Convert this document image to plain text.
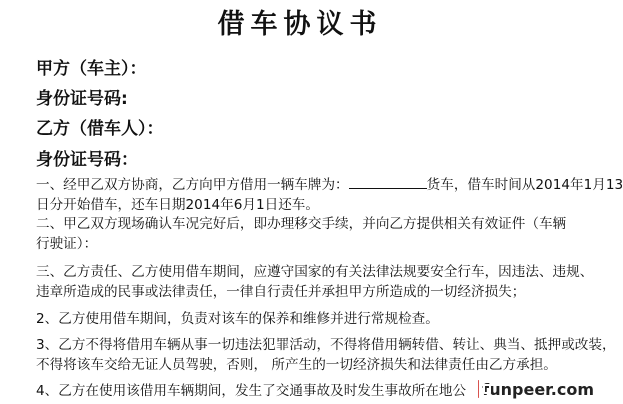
借车协议书
甲方（车主）：
身份证号码:
乙方（借车人）：
身份证号码：
一、经甲乙双方协商，乙方向甲方借用一辆车牌为：	货车，借车时间从2014年1月13
日分开始借车，还车日期2014年6月1日还车。
二、甲乙双方现场确认车况完好后，即办理移交手续，并向乙方提供相关有效证件（车辆
行驶证）：
三、乙方责任、乙方使用借车期间，应遵守国家的有关法律法规要安全行车，因违法、违规、
违章所造成的民事或法律责任，一律自行责任并承担甲方所造成的一切经济损失；
2、乙方使用借车期间，负责对该车的保养和维修并进行常规检查。
3、乙方不得将借用车辆从事一切违法犯罪活动，不得将借用辆转借、转让、典当、抵押或改装，
不得将该车交给无证人员驾驶，否则， 所产生的一切经济损失和法律责任由乙方承担。
4、乙方在使用该借用车辆期间，发生了交通事故及时发生事故所在地公	funpeer.com
